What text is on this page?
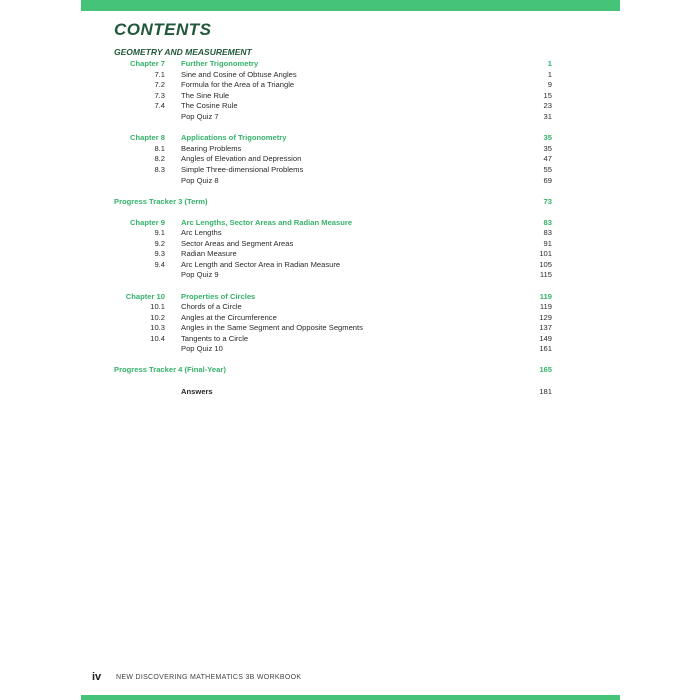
CONTENTS
GEOMETRY AND MEASUREMENT
Chapter 7 Further Trigonometry	1
7.1 Sine and Cosine of Obtuse Angles	1
7.2 Formula for the Area of a Triangle	9
7.3 The Sine Rule	15
7.4 The Cosine Rule	23
Pop Quiz 7	31
Chapter 8 Applications of Trigonometry	35
8.1 Bearing Problems	35
8.2 Angles of Elevation and Depression	47
8.3 Simple Three-dimensional Problems	55
Pop Quiz 8	69
Progress Tracker 3 (Term)	73
Chapter 9 Arc Lengths, Sector Areas and Radian Measure	83
9.1 Arc Lengths	83
9.2 Sector Areas and Segment Areas	91
9.3 Radian Measure	101
9.4 Arc Length and Sector Area in Radian Measure	105
Pop Quiz 9	115
Chapter 10 Properties of Circles	119
10.1 Chords of a Circle	119
10.2 Angles at the Circumference	129
10.3 Angles in the Same Segment and Opposite Segments	137
10.4 Tangents to a Circle	149
Pop Quiz 10	161
Progress Tracker 4 (Final-Year)	165
Answers	181
iv NEW DISCOVERING MATHEMATICS 3B WORKBOOK
